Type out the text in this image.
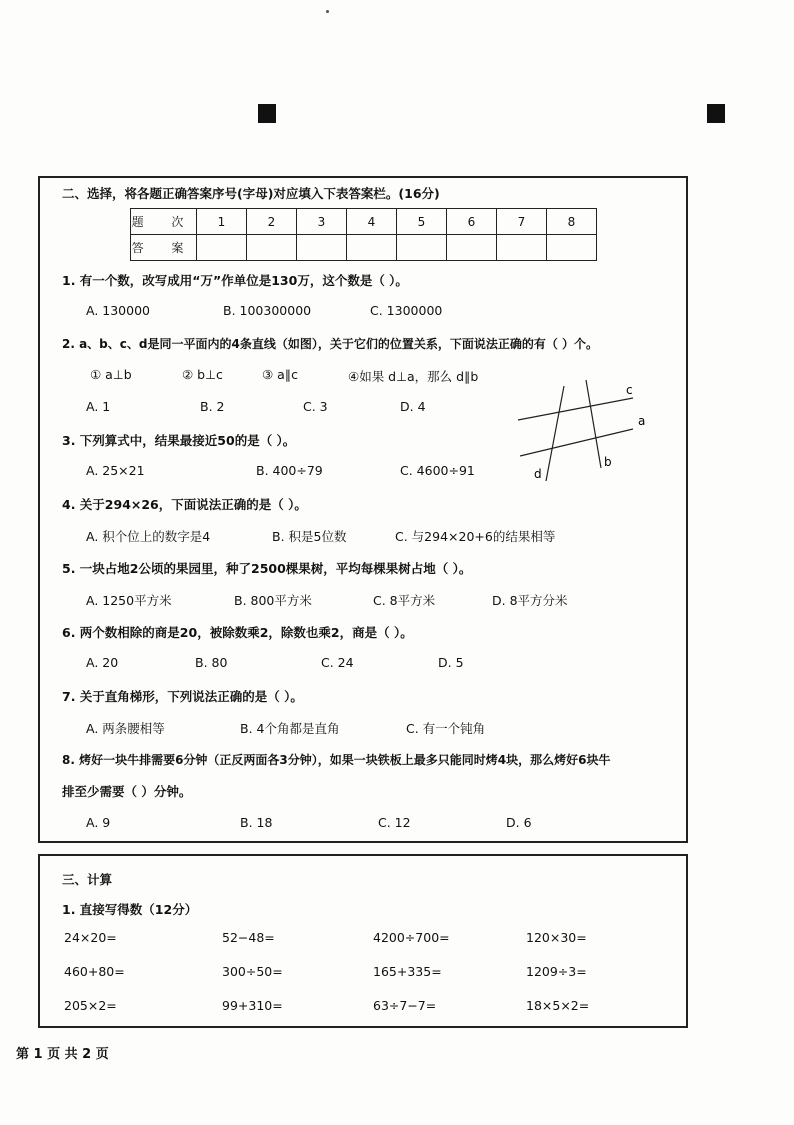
二、选择，将各题正确答案序号(字母)对应填入下表答案栏。(16分)
题 次	1	2	3	4	5	6	7	8
答 案								
1. 有一个数，改写成用“万”作单位是130万，这个数是（ ）。
A. 130000	B. 100300000	C. 1300000
2. a、b、c、d是同一平面内的4条直线（如图），关于它们的位置关系，下面说法正确的有（ ）个。
① a⊥b	② b⊥c	③ a∥c	④如果 d⊥a，那么 d∥b
A. 1	B. 2	C. 3	D. 4
c
a
b
d
3. 下列算式中，结果最接近50的是（ ）。
A. 25×21	B. 400÷79	C. 4600÷91
4. 关于294×26，下面说法正确的是（ ）。
A. 积个位上的数字是4	B. 积是5位数	C. 与294×20+6的结果相等
5. 一块占地2公顷的果园里，种了2500棵果树，平均每棵果树占地（ ）。
A. 1250平方米	B. 800平方米	C. 8平方米	D. 8平方分米
6. 两个数相除的商是20，被除数乘2，除数也乘2，商是（ ）。
A. 20	B. 80	C. 24	D. 5
7. 关于直角梯形，下列说法正确的是（ ）。
A. 两条腰相等	B. 4个角都是直角	C. 有一个钝角
8. 烤好一块牛排需要6分钟（正反两面各3分钟），如果一块铁板上最多只能同时烤4块，那么烤好6块牛
排至少需要（ ）分钟。
A. 9	B. 18	C. 12	D. 6
三、计算
1. 直接写得数（12分）
24×20=	52−48=	4200÷700=	120×30=
460+80=	300÷50=	165+335=	1209÷3=
205×2=	99+310=	63÷7−7=	18×5×2=
第 1 页 共 2 页
